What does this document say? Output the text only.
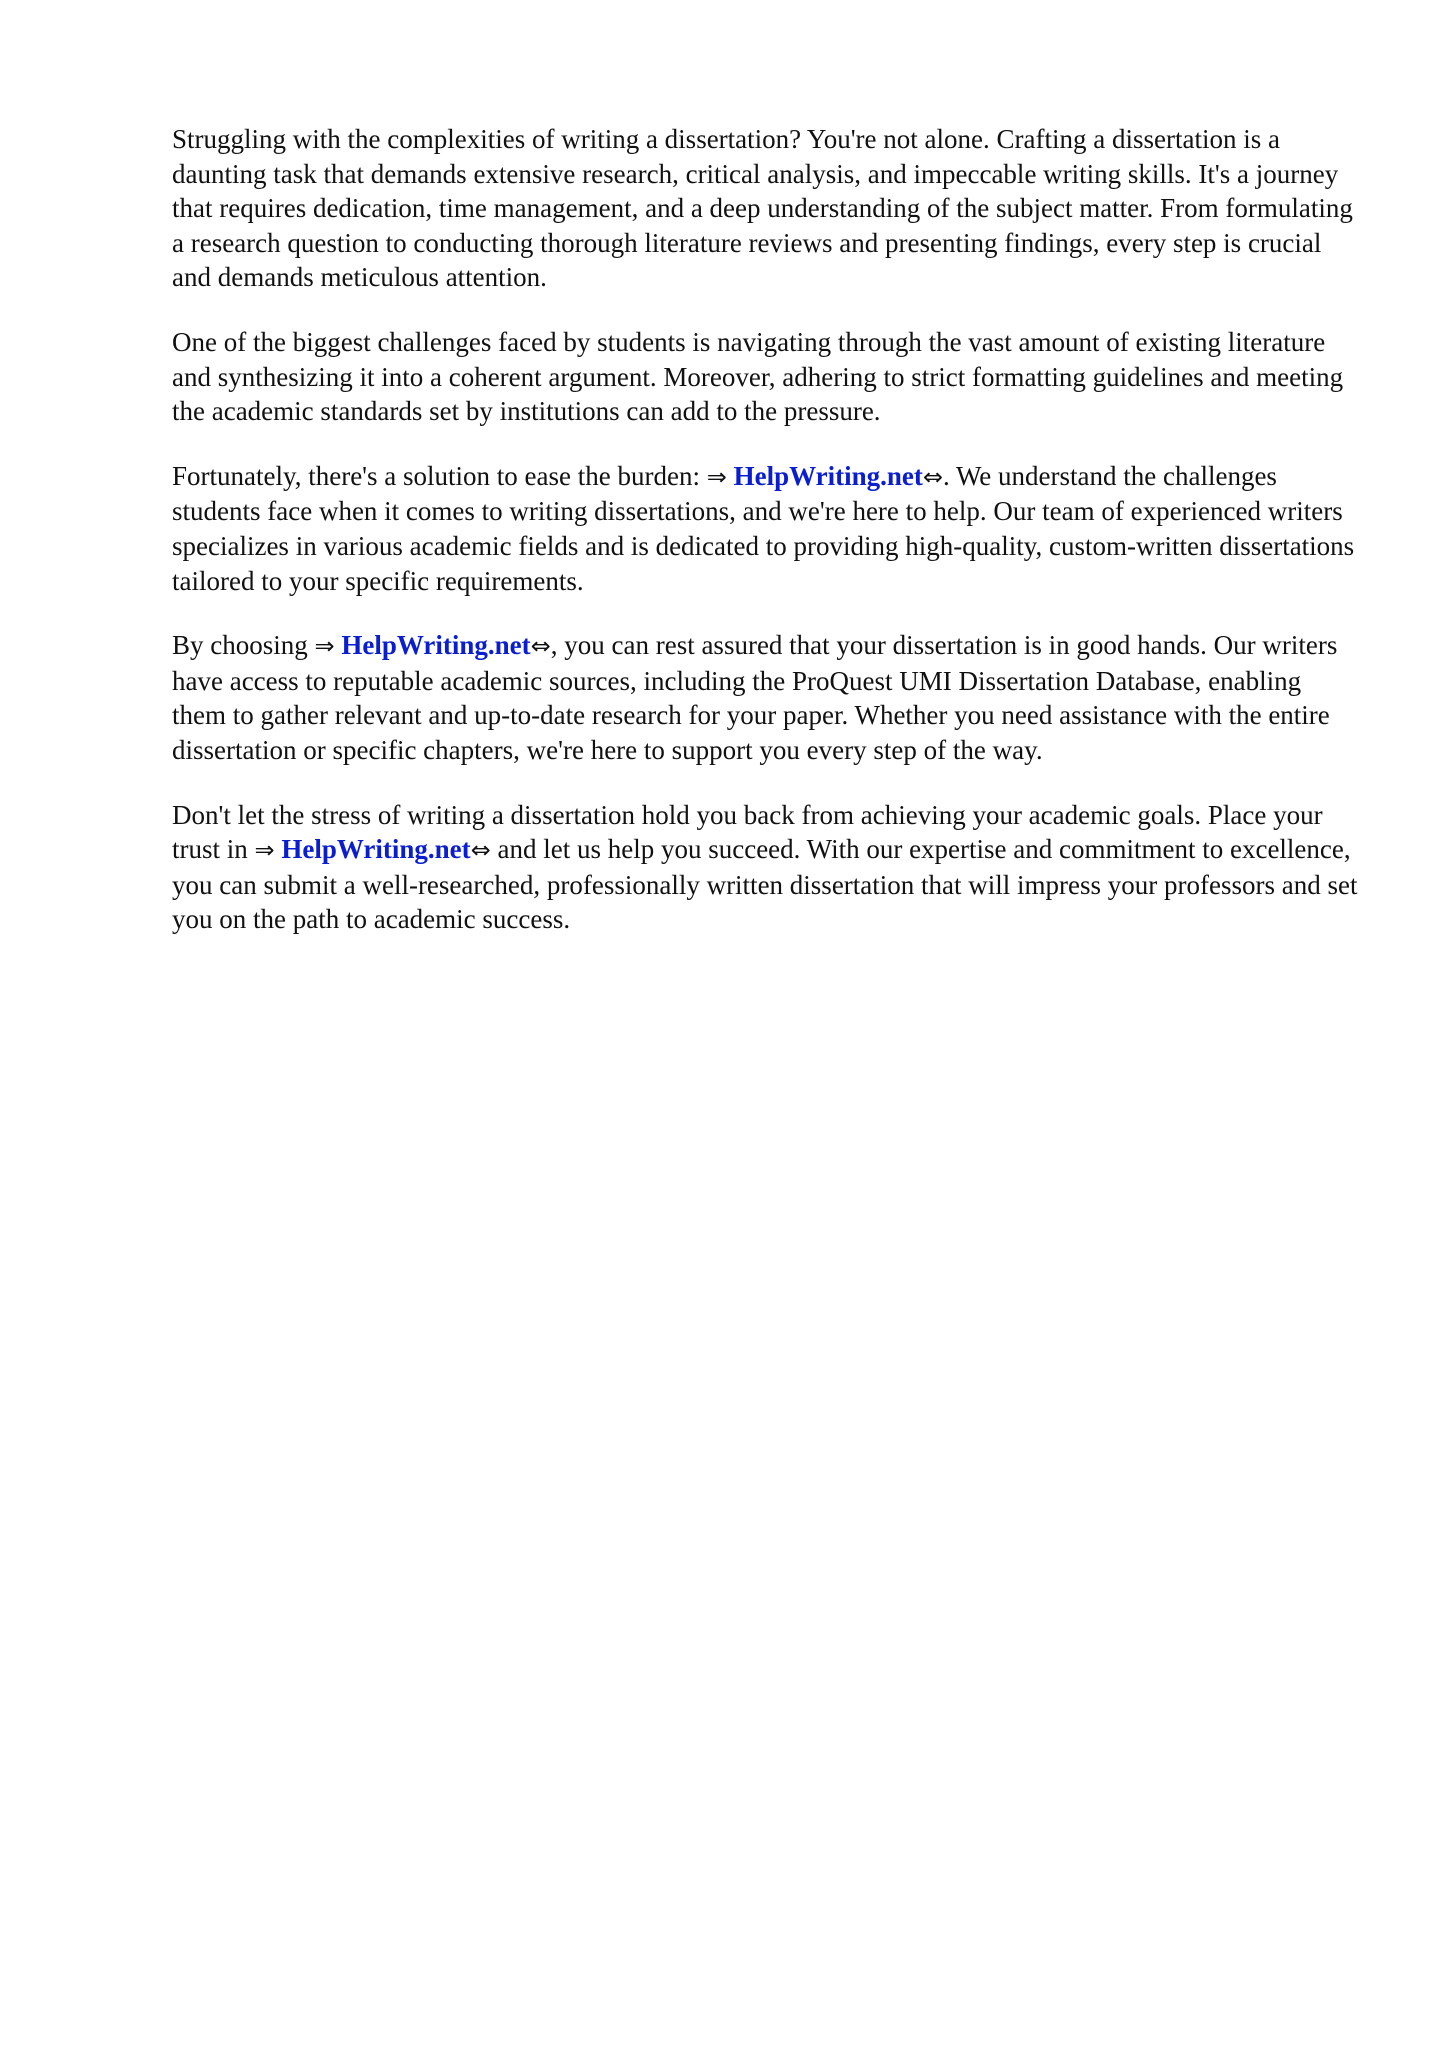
Struggling with the complexities of writing a dissertation? You're not alone. Crafting a dissertation is a daunting task that demands extensive research, critical analysis, and impeccable writing skills. It's a journey that requires dedication, time management, and a deep understanding of the subject matter. From formulating a research question to conducting thorough literature reviews and presenting findings, every step is crucial and demands meticulous attention.

One of the biggest challenges faced by students is navigating through the vast amount of existing literature and synthesizing it into a coherent argument. Moreover, adhering to strict formatting guidelines and meeting the academic standards set by institutions can add to the pressure.

Fortunately, there's a solution to ease the burden: ⇒ HelpWriting.net⇔. We understand the challenges students face when it comes to writing dissertations, and we're here to help. Our team of experienced writers specializes in various academic fields and is dedicated to providing high-quality, custom-written dissertations tailored to your specific requirements.

By choosing ⇒ HelpWriting.net⇔, you can rest assured that your dissertation is in good hands. Our writers have access to reputable academic sources, including the ProQuest UMI Dissertation Database, enabling them to gather relevant and up-to-date research for your paper. Whether you need assistance with the entire dissertation or specific chapters, we're here to support you every step of the way.

Don't let the stress of writing a dissertation hold you back from achieving your academic goals. Place your trust in ⇒ HelpWriting.net⇔ and let us help you succeed. With our expertise and commitment to excellence, you can submit a well-researched, professionally written dissertation that will impress your professors and set you on the path to academic success.
